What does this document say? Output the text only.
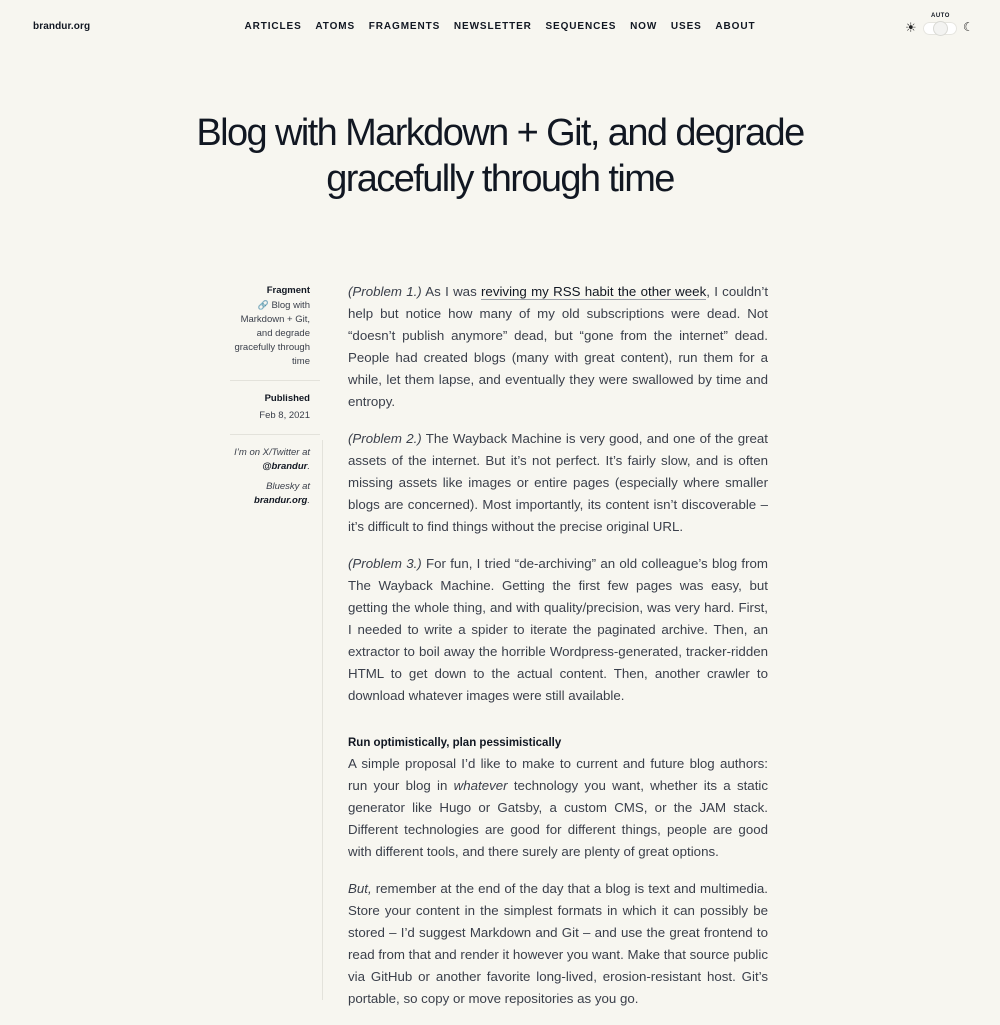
brandur.org	ARTICLES ATOMS FRAGMENTS NEWSLETTER SEQUENCES NOW USES ABOUT
AUTO
☀	☾
Blog with Markdown + Git, and degrade gracefully through time
Fragment
🔗 Blog with Markdown + Git, and degrade gracefully through time
Published
Feb 8, 2021
I’m on X/Twitter at @brandur.
Bluesky at brandur.org.

(Problem 1.) As I was reviving my RSS habit the other week, I couldn’t help but notice how many of my old subscriptions were dead. Not “doesn’t publish anymore” dead, but “gone from the internet” dead. People had created blogs (many with great content), run them for a while, let them lapse, and eventually they were swallowed by time and entropy.

(Problem 2.) The Wayback Machine is very good, and one of the great assets of the internet. But it’s not perfect. It’s fairly slow, and is often missing assets like images or entire pages (especially where smaller blogs are concerned). Most importantly, its content isn’t discoverable – it’s difficult to find things without the precise original URL.

(Problem 3.) For fun, I tried “de-archiving” an old colleague’s blog from The Wayback Machine. Getting the first few pages was easy, but getting the whole thing, and with quality/precision, was very hard. First, I needed to write a spider to iterate the paginated archive. Then, an extractor to boil away the horrible Wordpress-generated, tracker-ridden HTML to get down to the actual content. Then, another crawler to download whatever images were still available.

Run optimistically, plan pessimistically

A simple proposal I’d like to make to current and future blog authors: run your blog in whatever technology you want, whether its a static generator like Hugo or Gatsby, a custom CMS, or the JAM stack. Different technologies are good for different things, people are good with different tools, and there surely are plenty of great options.

But, remember at the end of the day that a blog is text and multimedia. Store your content in the simplest formats in which it can possibly be stored – I’d suggest Markdown and Git – and use the great frontend to read from that and render it however you want. Make that source public via GitHub or another favorite long-lived, erosion-resistant host. Git’s portable, so copy or move repositories as you go.
